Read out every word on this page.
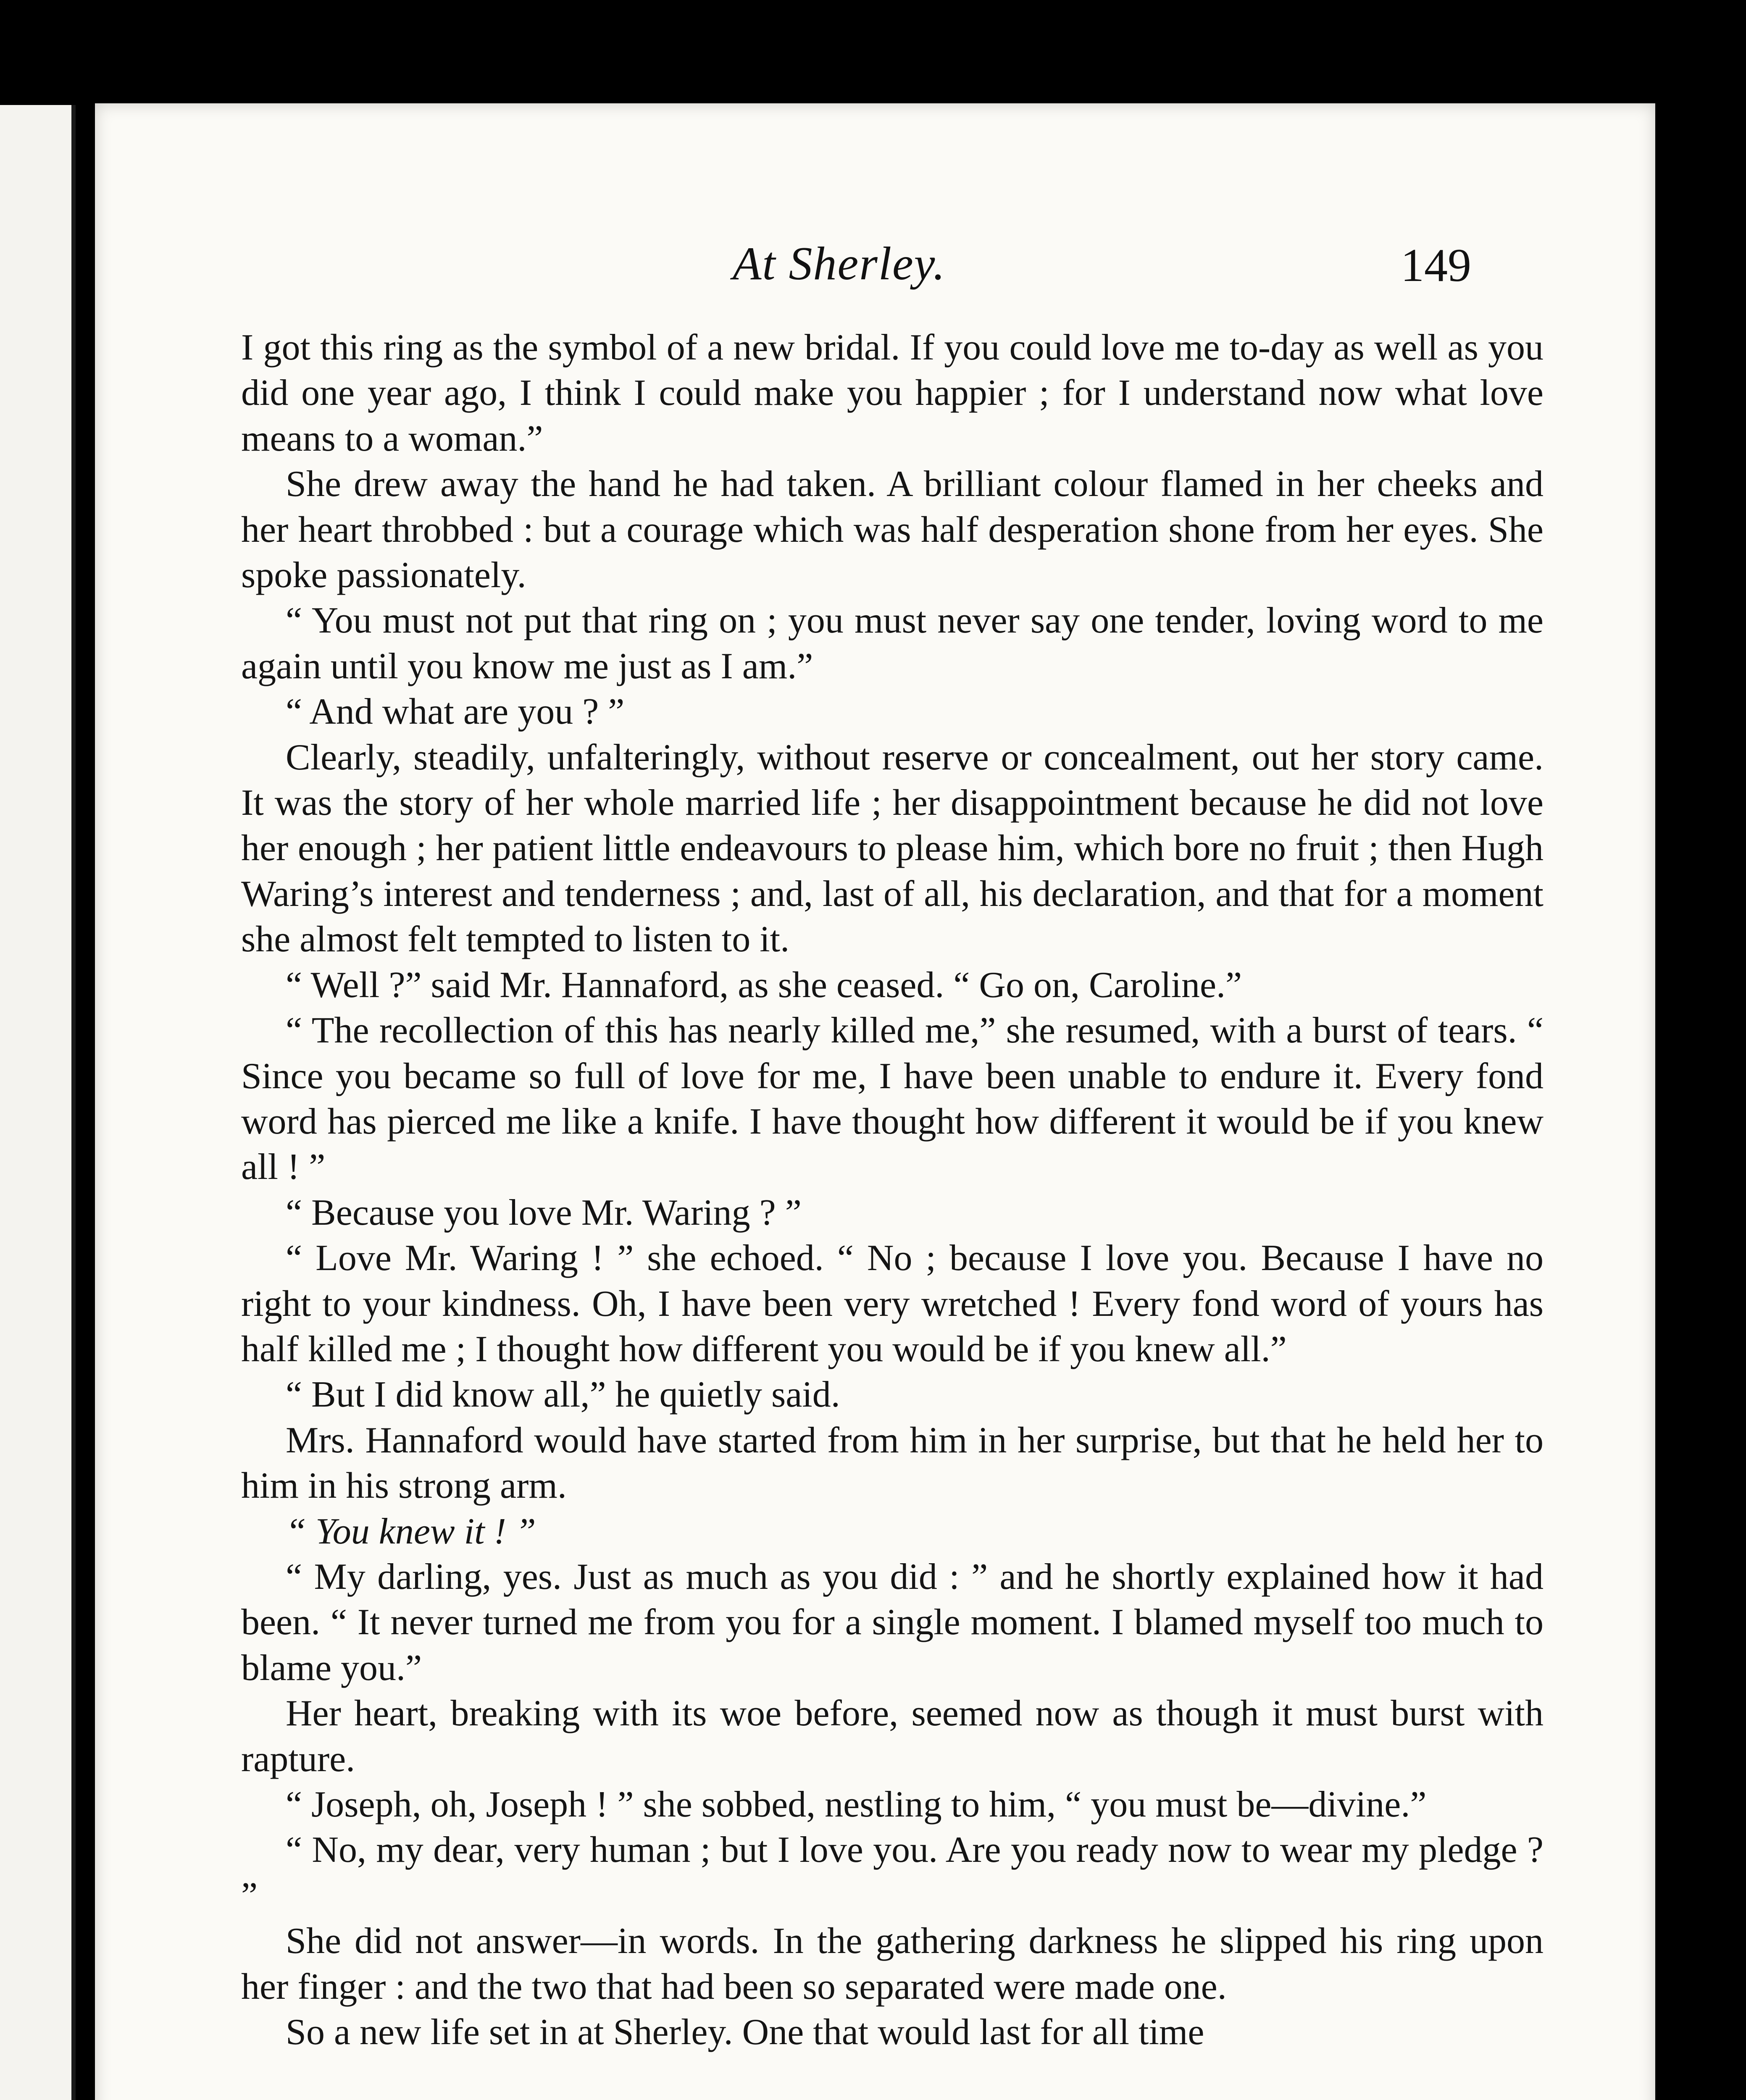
At Sherley.	149

I got this ring as the symbol of a new bridal. If you could love me to-day as well as you did one year ago, I think I could make you happier ; for I understand now what love means to a woman.”

She drew away the hand he had taken. A brilliant colour flamed in her cheeks and her heart throbbed : but a courage which was half desperation shone from her eyes. She spoke passionately.

“ You must not put that ring on ; you must never say one tender, loving word to me again until you know me just as I am.”

“ And what are you ? ”

Clearly, steadily, unfalteringly, without reserve or concealment, out her story came. It was the story of her whole married life ; her disappointment because he did not love her enough ; her patient little endeavours to please him, which bore no fruit ; then Hugh Waring’s interest and tenderness ; and, last of all, his declaration, and that for a moment she almost felt tempted to listen to it.

“ Well ?” said Mr. Hannaford, as she ceased. “ Go on, Caroline.”

“ The recollection of this has nearly killed me,” she resumed, with a burst of tears. “ Since you became so full of love for me, I have been unable to endure it. Every fond word has pierced me like a knife. I have thought how different it would be if you knew all ! ”

“ Because you love Mr. Waring ? ”

“ Love Mr. Waring ! ” she echoed. “ No ; because I love you. Because I have no right to your kindness. Oh, I have been very wretched ! Every fond word of yours has half killed me ; I thought how different you would be if you knew all.”

“ But I did know all,” he quietly said.

Mrs. Hannaford would have started from him in her surprise, but that he held her to him in his strong arm.

“ You knew it ! ”

“ My darling, yes. Just as much as you did : ” and he shortly explained how it had been. “ It never turned me from you for a single moment. I blamed myself too much to blame you.”

Her heart, breaking with its woe before, seemed now as though it must burst with rapture.

“ Joseph, oh, Joseph ! ” she sobbed, nestling to him, “ you must be—divine.”

“ No, my dear, very human ; but I love you. Are you ready now to wear my pledge ? ”

She did not answer—in words. In the gathering darkness he slipped his ring upon her finger : and the two that had been so separated were made one.

So a new life set in at Sherley. One that would last for all time
